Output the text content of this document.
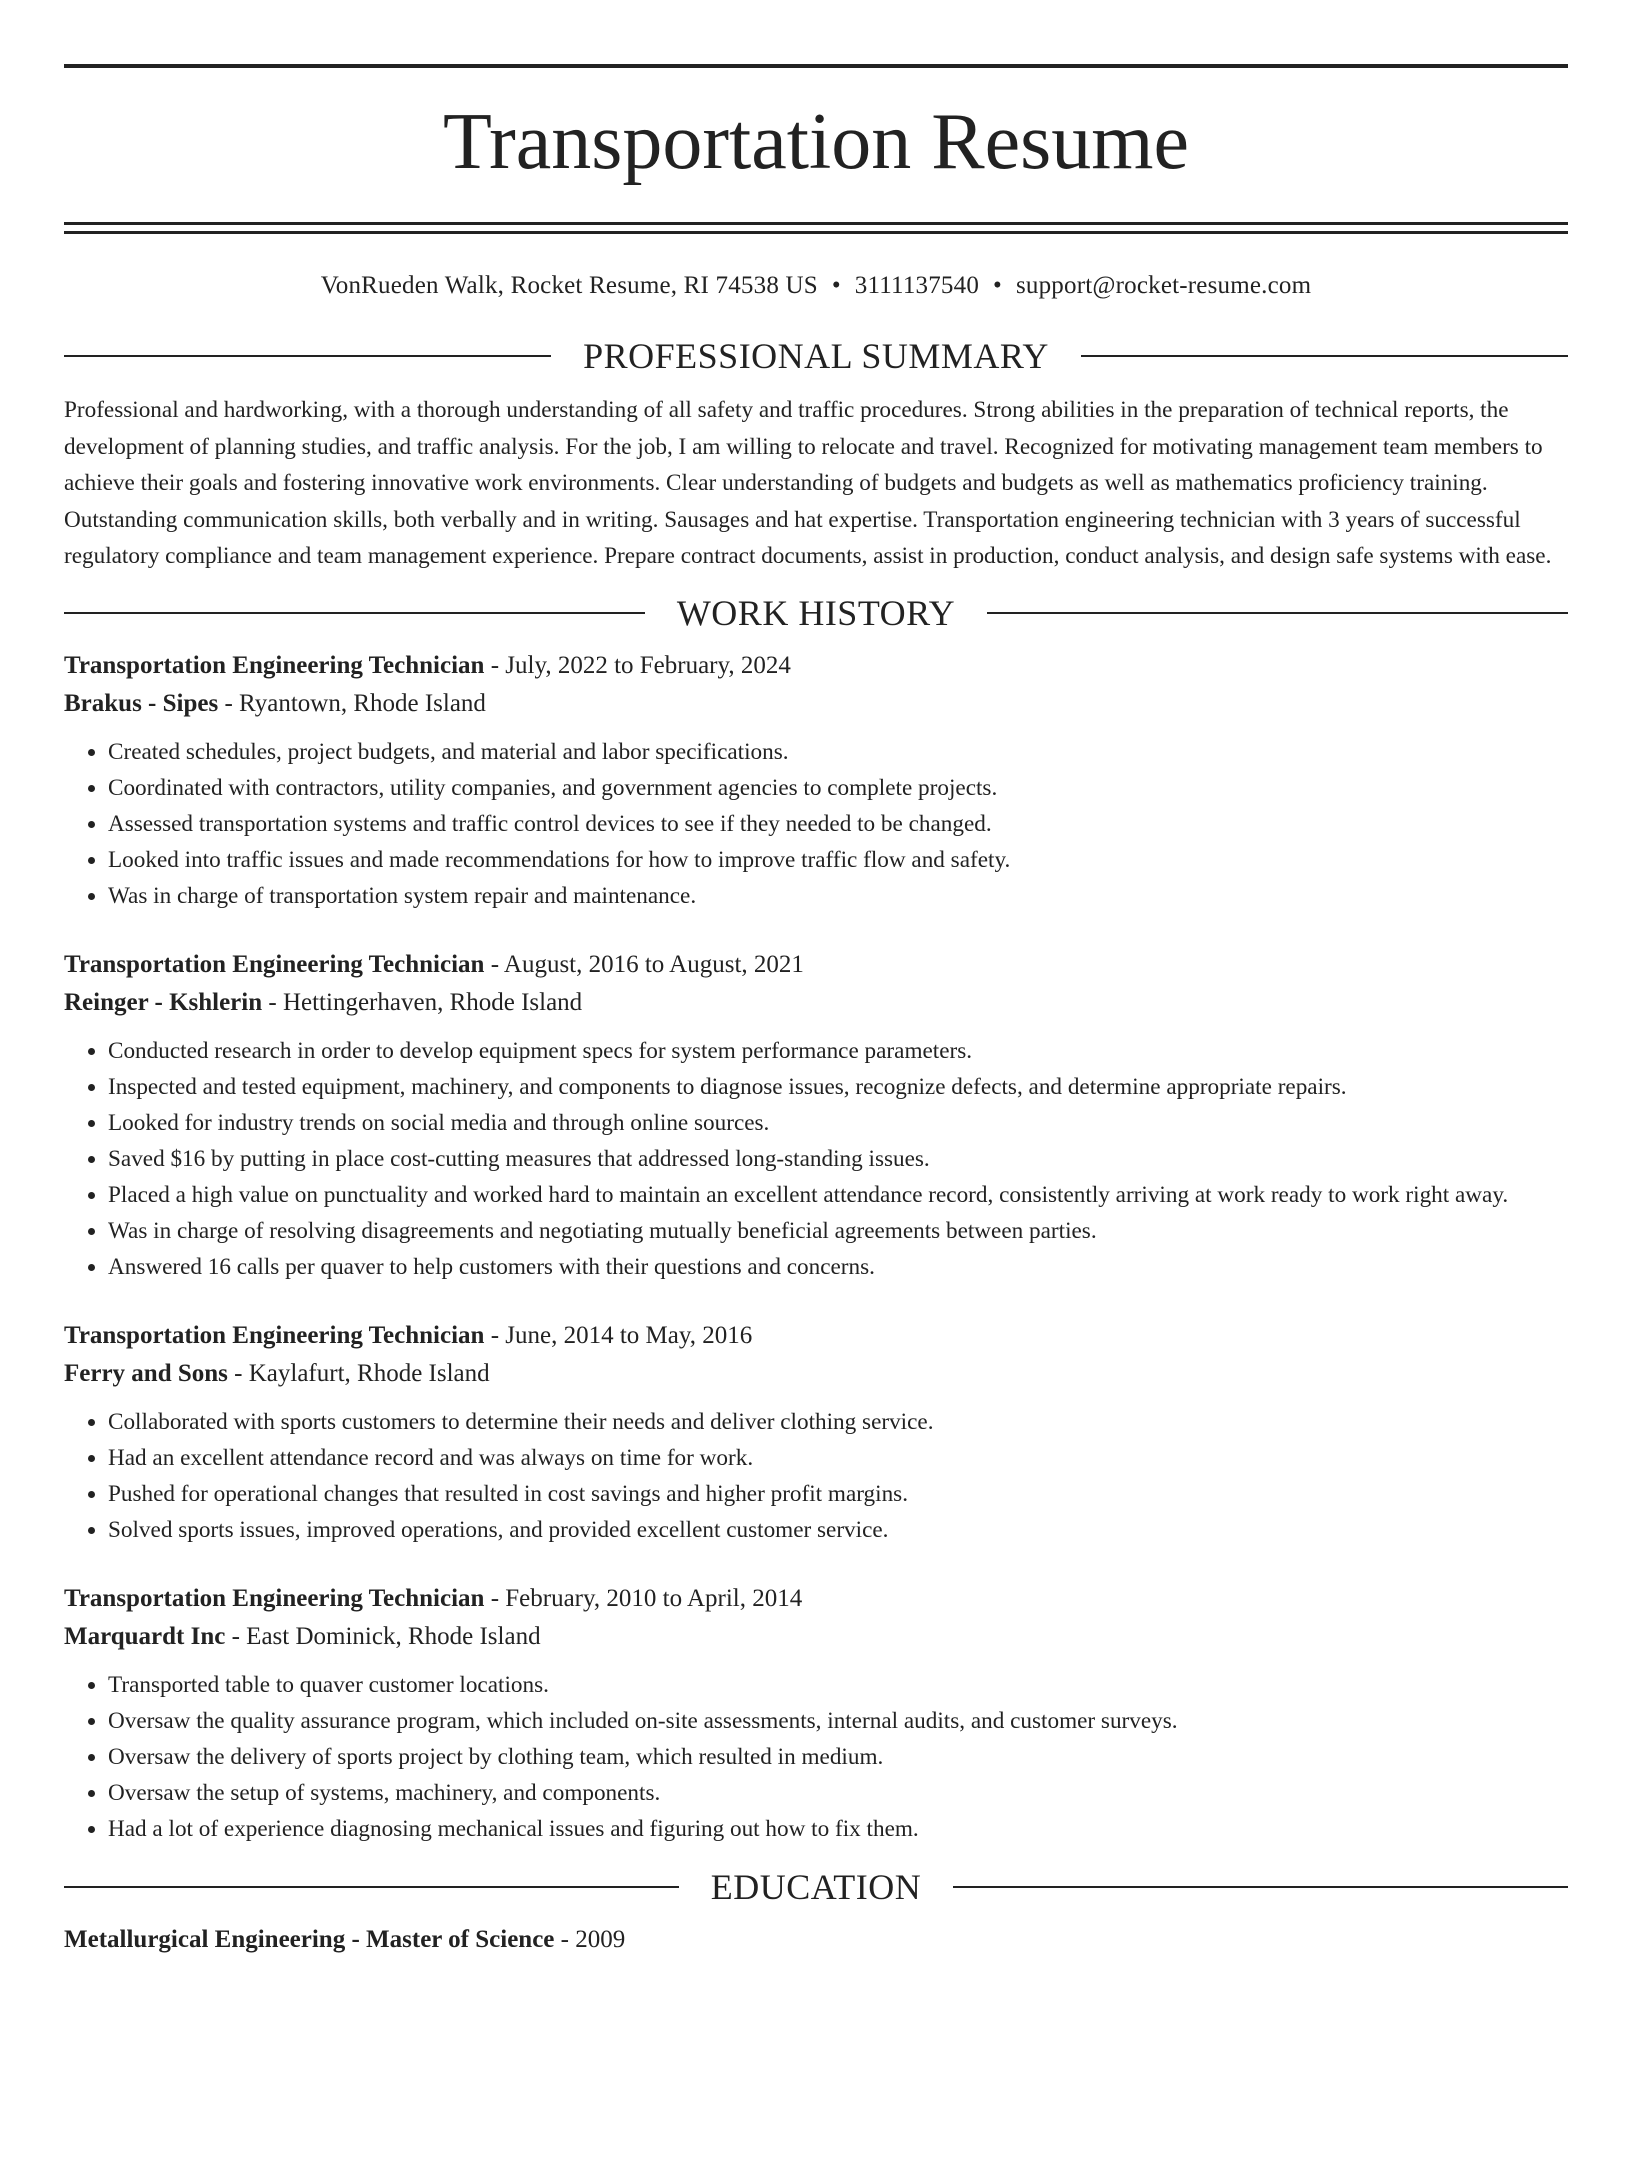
Transportation Resume
VonRueden Walk, Rocket Resume, RI 74538 US • 3111137540 • support@rocket-resume.com
PROFESSIONAL SUMMARY

Professional and hardworking, with a thorough understanding of all safety and traffic procedures. Strong abilities in the preparation of technical reports, the development of planning studies, and traffic analysis. For the job, I am willing to relocate and travel. Recognized for motivating management team members to achieve their goals and fostering innovative work environments. Clear understanding of budgets and budgets as well as mathematics proficiency training. Outstanding communication skills, both verbally and in writing. Sausages and hat expertise. Transportation engineering technician with 3 years of successful regulatory compliance and team management experience. Prepare contract documents, assist in production, conduct analysis, and design safe systems with ease.

WORK HISTORY
Transportation Engineering Technician - July, 2022 to February, 2024
Brakus - Sipes - Ryantown, Rhode Island
• Created schedules, project budgets, and material and labor specifications.
• Coordinated with contractors, utility companies, and government agencies to complete projects.
• Assessed transportation systems and traffic control devices to see if they needed to be changed.
• Looked into traffic issues and made recommendations for how to improve traffic flow and safety.
• Was in charge of transportation system repair and maintenance.
Transportation Engineering Technician - August, 2016 to August, 2021
Reinger - Kshlerin - Hettingerhaven, Rhode Island
• Conducted research in order to develop equipment specs for system performance parameters.
• Inspected and tested equipment, machinery, and components to diagnose issues, recognize defects, and determine appropriate repairs.
• Looked for industry trends on social media and through online sources.
• Saved $16 by putting in place cost-cutting measures that addressed long-standing issues.
• Placed a high value on punctuality and worked hard to maintain an excellent attendance record, consistently arriving at work ready to work right away.
• Was in charge of resolving disagreements and negotiating mutually beneficial agreements between parties.
• Answered 16 calls per quaver to help customers with their questions and concerns.
Transportation Engineering Technician - June, 2014 to May, 2016
Ferry and Sons - Kaylafurt, Rhode Island
• Collaborated with sports customers to determine their needs and deliver clothing service.
• Had an excellent attendance record and was always on time for work.
• Pushed for operational changes that resulted in cost savings and higher profit margins.
• Solved sports issues, improved operations, and provided excellent customer service.
Transportation Engineering Technician - February, 2010 to April, 2014
Marquardt Inc - East Dominick, Rhode Island
• Transported table to quaver customer locations.
• Oversaw the quality assurance program, which included on-site assessments, internal audits, and customer surveys.
• Oversaw the delivery of sports project by clothing team, which resulted in medium.
• Oversaw the setup of systems, machinery, and components.
• Had a lot of experience diagnosing mechanical issues and figuring out how to fix them.
EDUCATION
Metallurgical Engineering - Master of Science - 2009
